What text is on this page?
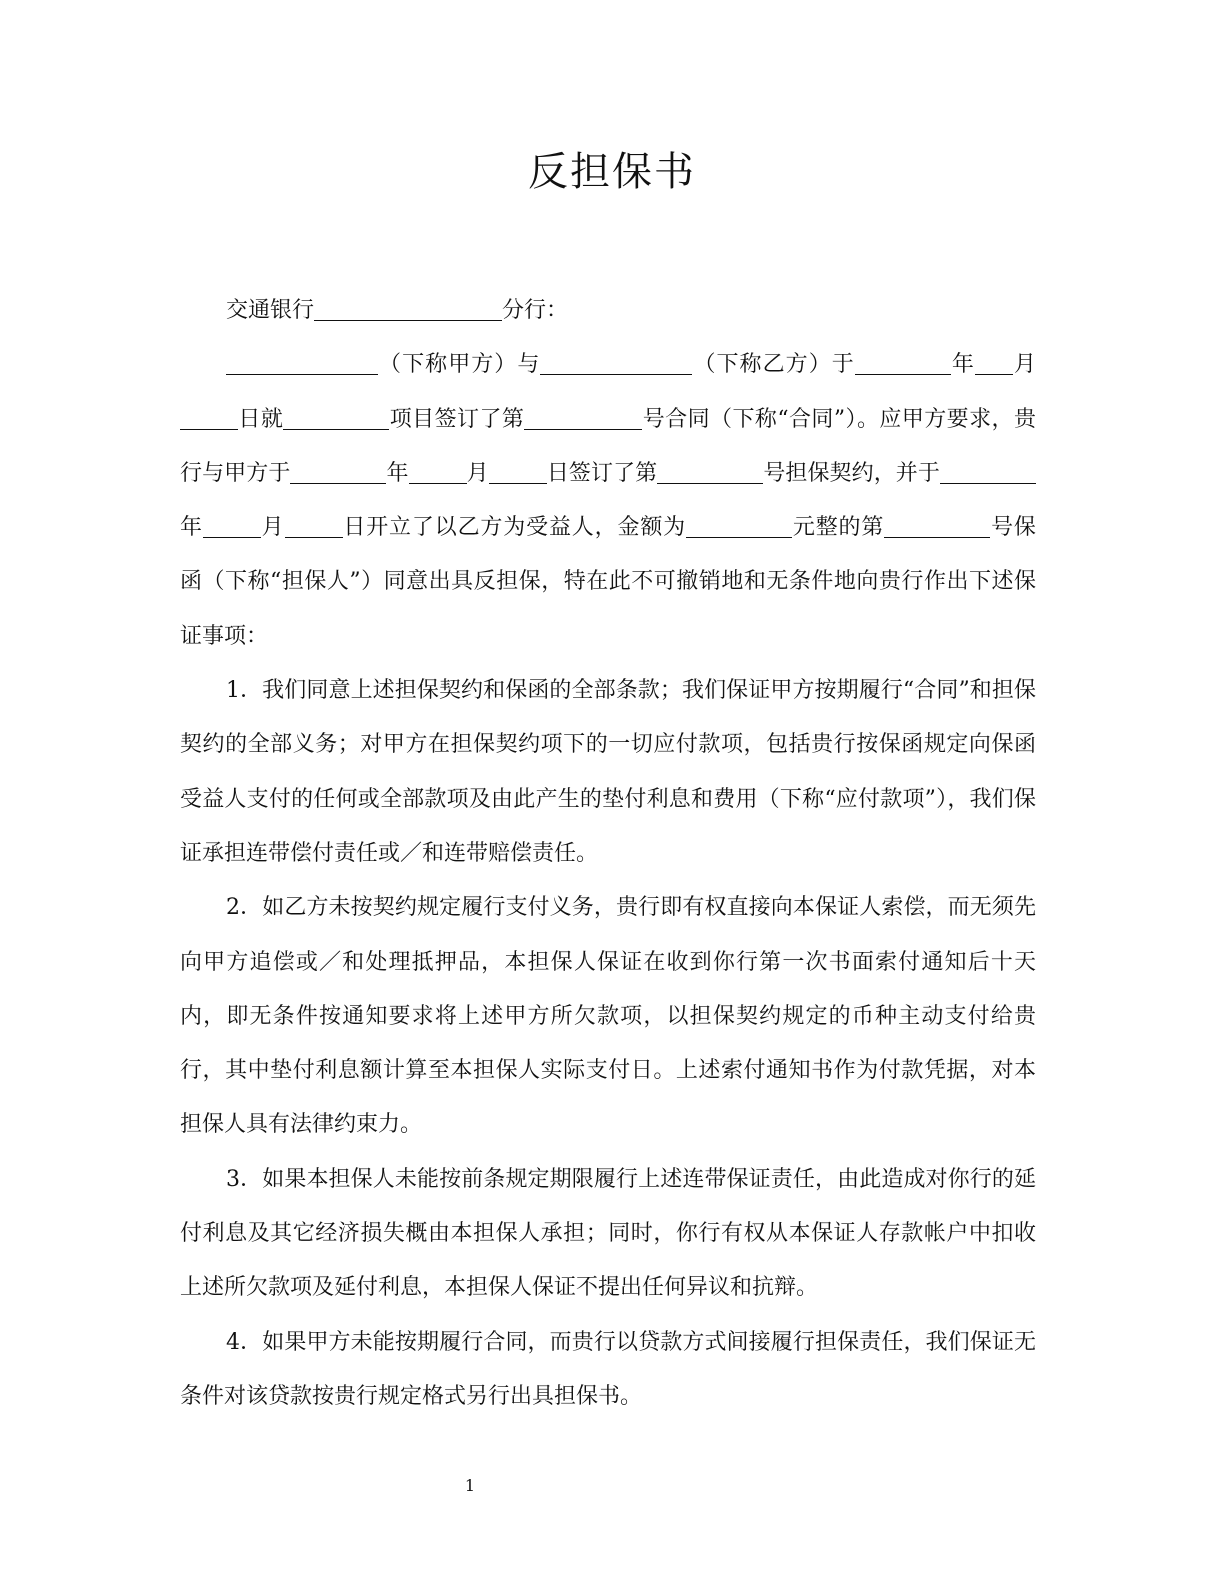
反担保书

交通银行	分行：

（下称甲方）与	（下称乙方）于	年 月日就	项目签订了第	号合同（下称“合同”）。应甲方要求，贵行与甲方于	年	月	日签订了第	号担保契约，并于年	月	日开立了以乙方为受益人，金额为	元整的第	号保函（下称“担保人”）同意出具反担保，特在此不可撤销地和无条件地向贵行作出下述保证事项：

1．我们同意上述担保契约和保函的全部条款；我们保证甲方按期履行“合同”和担保契约的全部义务；对甲方在担保契约项下的一切应付款项，包括贵行按保函规定向保函受益人支付的任何或全部款项及由此产生的垫付利息和费用（下称“应付款项”），我们保证承担连带偿付责任或／和连带赔偿责任。

2．如乙方未按契约规定履行支付义务，贵行即有权直接向本保证人索偿，而无须先向甲方追偿或／和处理抵押品，本担保人保证在收到你行第一次书面索付通知后十天内，即无条件按通知要求将上述甲方所欠款项，以担保契约规定的币种主动支付给贵行，其中垫付利息额计算至本担保人实际支付日。上述索付通知书作为付款凭据，对本担保人具有法律约束力。

3．如果本担保人未能按前条规定期限履行上述连带保证责任，由此造成对你行的延付利息及其它经济损失概由本担保人承担；同时，你行有权从本保证人存款帐户中扣收上述所欠款项及延付利息，本担保人保证不提出任何异议和抗辩。

4．如果甲方未能按期履行合同，而贵行以贷款方式间接履行担保责任，我们保证无条件对该贷款按贵行规定格式另行出具担保书。

1
